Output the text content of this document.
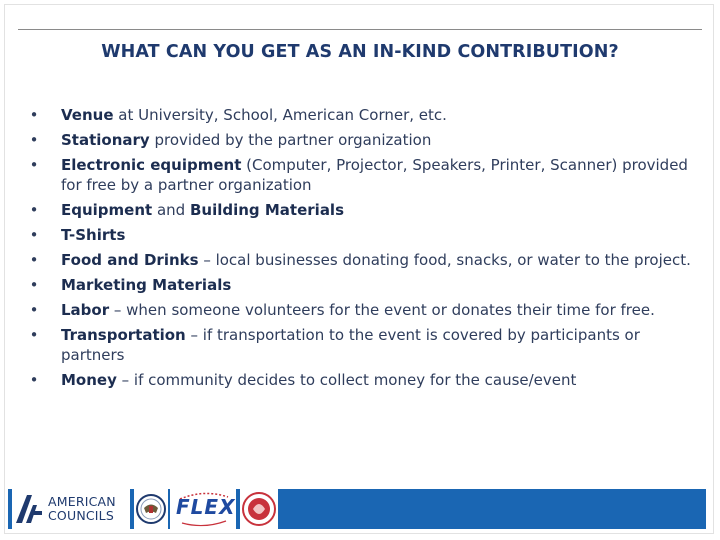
WHAT CAN YOU GET AS AN IN-KIND CONTRIBUTION?
• Venue at University, School, American Corner, etc.
• Stationary provided by the partner organization
• Electronic equipment (Computer, Projector, Speakers, Printer, Scanner) provided for free by a partner organization
• Equipment and Building Materials
• T-Shirts
• Food and Drinks – local businesses donating food, snacks, or water to the project.
• Marketing Materials
• Labor – when someone volunteers for the event or donates their time for free.
• Transportation – if transportation to the event is covered by participants or partners
• Money – if community decides to collect money for the cause/event
AMERICAN
COUNCILS	FLEX
